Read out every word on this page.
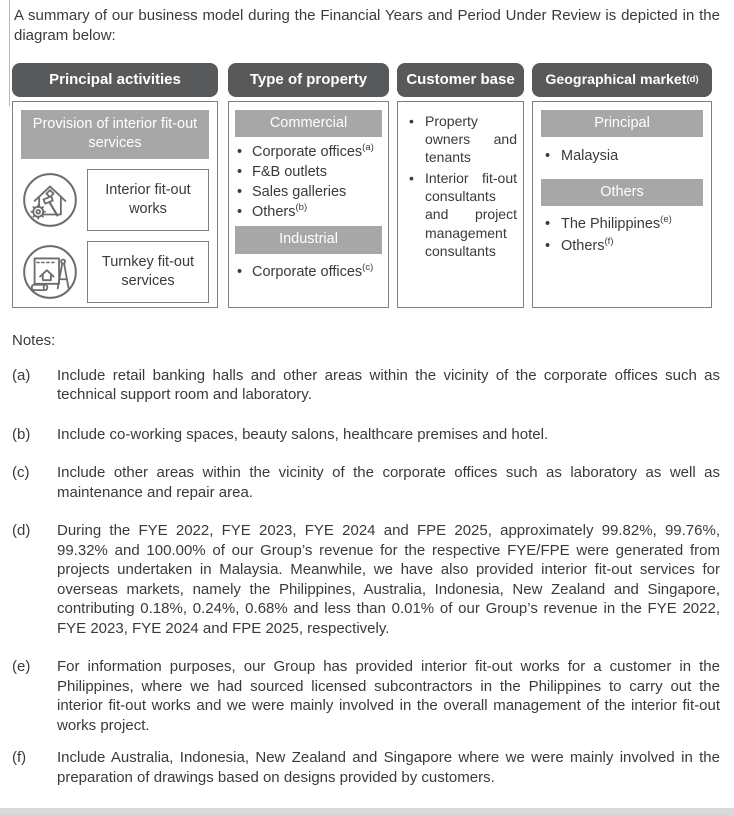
A summary of our business model during the Financial Years and Period Under Review is depicted in the diagram below:

Principal activities
Provision of interior fit-out services
Interior fit-out works
Turnkey fit-out services
Type of property
Commercial
• Corporate offices$^{(a)}$
• F&B outlets
• Sales galleries
• Others$^{(b)}$
Industrial
• Corporate offices$^{(c)}$
Customer base
• Property owners and tenants
• Interior fit-out consultants and project management consultants
Geographical market (d)
Principal
• Malaysia
Others
• The Philippines$^{(e)}$
• Others$^{(f)}$

Notes:

(a)	Include retail banking halls and other areas within the vicinity of the corporate offices such as technical support room and laboratory.

(b)	Include co-working spaces, beauty salons, healthcare premises and hotel.

(c)	Include other areas within the vicinity of the corporate offices such as laboratory as well as maintenance and repair area.

(d)	During the FYE 2022, FYE 2023, FYE 2024 and FPE 2025, approximately 99.82%, 99.76%, 99.32% and 100.00% of our Group’s revenue for the respective FYE/FPE were generated from projects undertaken in Malaysia. Meanwhile, we have also provided interior fit-out services for overseas markets, namely the Philippines, Australia, Indonesia, New Zealand and Singapore, contributing 0.18%, 0.24%, 0.68% and less than 0.01% of our Group’s revenue in the FYE 2022, FYE 2023, FYE 2024 and FPE 2025, respectively.

(e)	For information purposes, our Group has provided interior fit-out works for a customer in the Philippines, where we had sourced licensed subcontractors in the Philippines to carry out the interior fit-out works and we were mainly involved in the overall management of the interior fit-out works project.

(f)	Include Australia, Indonesia, New Zealand and Singapore where we were mainly involved in the preparation of drawings based on designs provided by customers.
